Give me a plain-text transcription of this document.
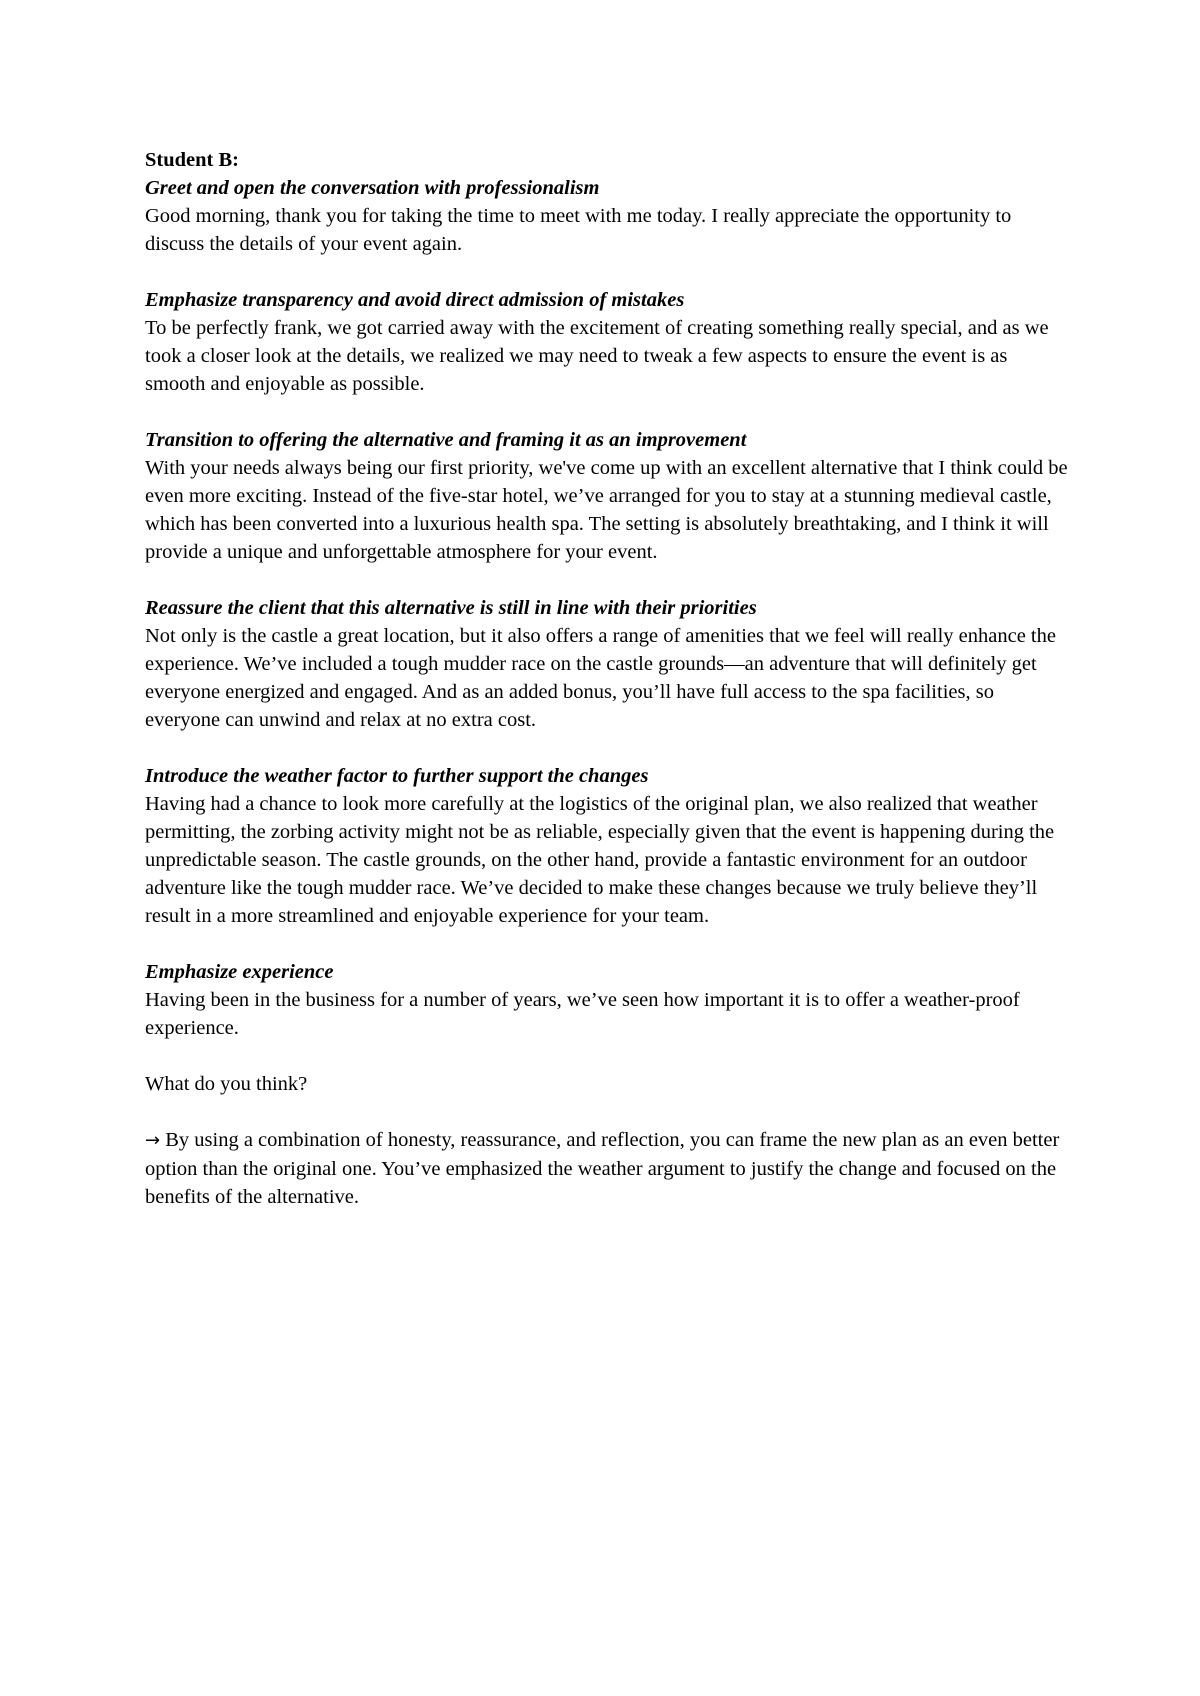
Student B:

Greet and open the conversation with professionalism

Good morning, thank you for taking the time to meet with me today. I really appreciate the opportunity to discuss the details of your event again.

Emphasize transparency and avoid direct admission of mistakes

To be perfectly frank, we got carried away with the excitement of creating something really special, and as we took a closer look at the details, we realized we may need to tweak a few aspects to ensure the event is as smooth and enjoyable as possible.

Transition to offering the alternative and framing it as an improvement

With your needs always being our first priority, we've come up with an excellent alternative that I think could be even more exciting. Instead of the five-star hotel, we’ve arranged for you to stay at a stunning medieval castle, which has been converted into a luxurious health spa. The setting is absolutely breathtaking, and I think it will provide a unique and unforgettable atmosphere for your event.

Reassure the client that this alternative is still in line with their priorities

Not only is the castle a great location, but it also offers a range of amenities that we feel will really enhance the experience. We’ve included a tough mudder race on the castle grounds—an adventure that will definitely get everyone energized and engaged. And as an added bonus, you’ll have full access to the spa facilities, so everyone can unwind and relax at no extra cost.

Introduce the weather factor to further support the changes

Having had a chance to look more carefully at the logistics of the original plan, we also realized that weather permitting, the zorbing activity might not be as reliable, especially given that the event is happening during the unpredictable season. The castle grounds, on the other hand, provide a fantastic environment for an outdoor adventure like the tough mudder race. We’ve decided to make these changes because we truly believe they’ll result in a more streamlined and enjoyable experience for your team.

Emphasize experience

Having been in the business for a number of years, we’ve seen how important it is to offer a weather-proof experience.

What do you think?

→ By using a combination of honesty, reassurance, and reflection, you can frame the new plan as an even better option than the original one. You’ve emphasized the weather argument to justify the change and focused on the benefits of the alternative.
